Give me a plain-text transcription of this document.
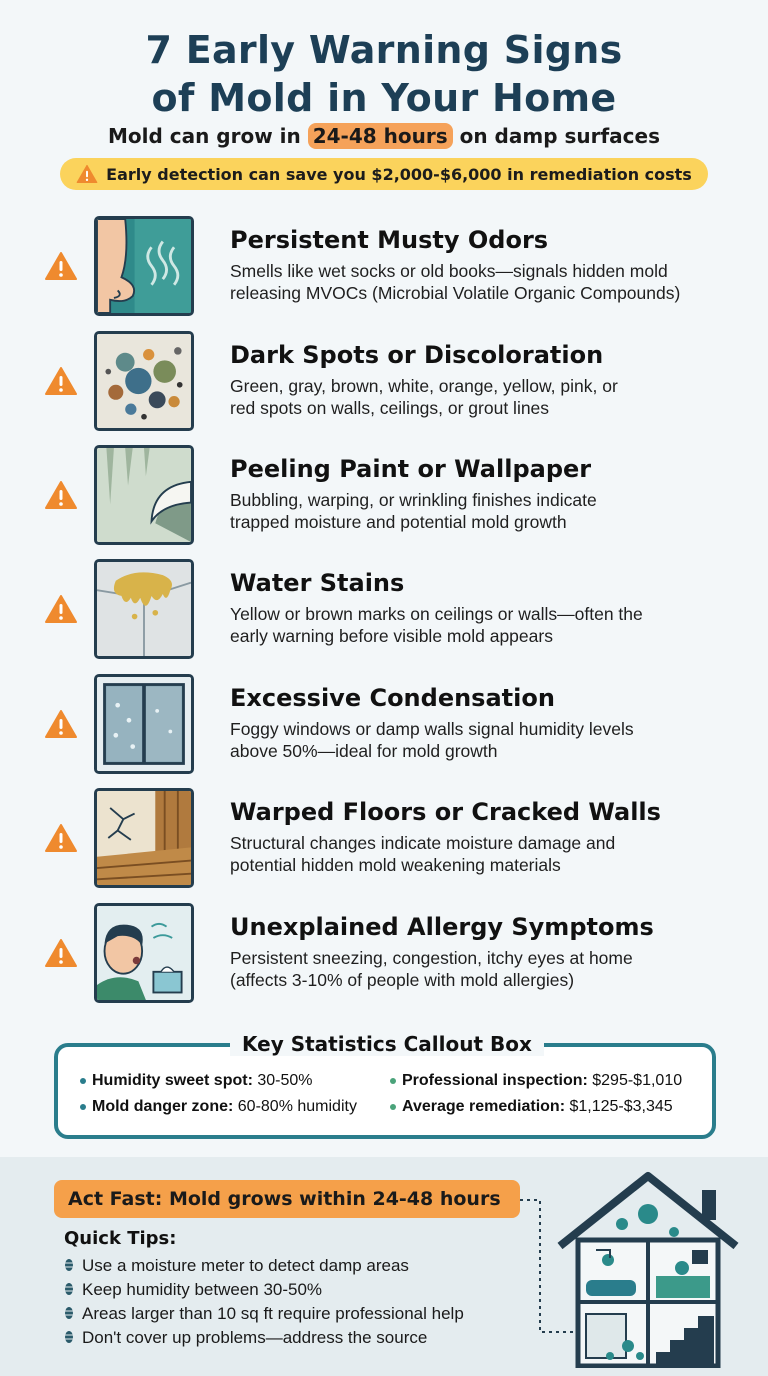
7 Early Warning Signs
of Mold in Your Home
Mold can grow in 24-48 hours on damp surfaces
Early detection can save you $2,000-$6,000 in remediation costs
Persistent Musty Odors
Smells like wet socks or old books—signals hidden mold
releasing MVOCs (Microbial Volatile Organic Compounds)
Dark Spots or Discoloration
Green, gray, brown, white, orange, yellow, pink, or
red spots on walls, ceilings, or grout lines
Peeling Paint or Wallpaper
Bubbling, warping, or wrinkling finishes indicate
trapped moisture and potential mold growth
Water Stains
Yellow or brown marks on ceilings or walls—often the
early warning before visible mold appears
Excessive Condensation
Foggy windows or damp walls signal humidity levels
above 50%—ideal for mold growth
Warped Floors or Cracked Walls
Structural changes indicate moisture damage and
potential hidden mold weakening materials
Unexplained Allergy Symptoms
Persistent sneezing, congestion, itchy eyes at home
(affects 3-10% of people with mold allergies)
Key Statistics Callout Box
Humidity sweet spot: 30-50%
Mold danger zone: 60-80% humidity
Professional inspection: $295-$1,010
Average remediation: $1,125-$3,345
Act Fast: Mold grows within 24-48 hours
Quick Tips:
Use a moisture meter to detect damp areas
Keep humidity between 30-50%
Areas larger than 10 sq ft require professional help
Don't cover up problems—address the source
